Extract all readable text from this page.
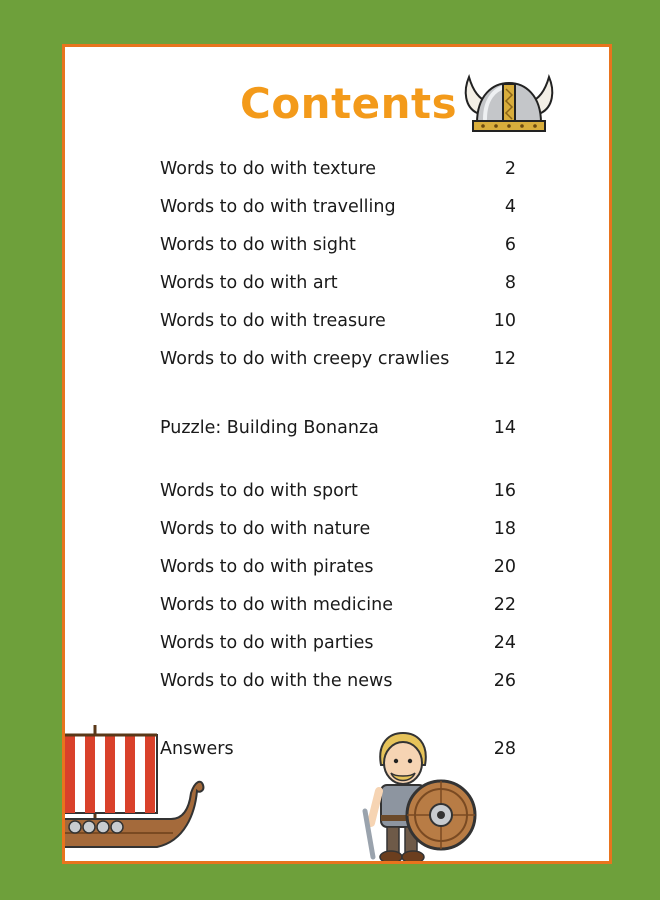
Contents
Words to do with texture	2
Words to do with travelling	4
Words to do with sight	6
Words to do with art	8
Words to do with treasure	10
Words to do with creepy crawlies	12
Puzzle: Building Bonanza	14
Words to do with sport	16
Words to do with nature	18
Words to do with pirates	20
Words to do with medicine	22
Words to do with parties	24
Words to do with the news	26
Answers	28
